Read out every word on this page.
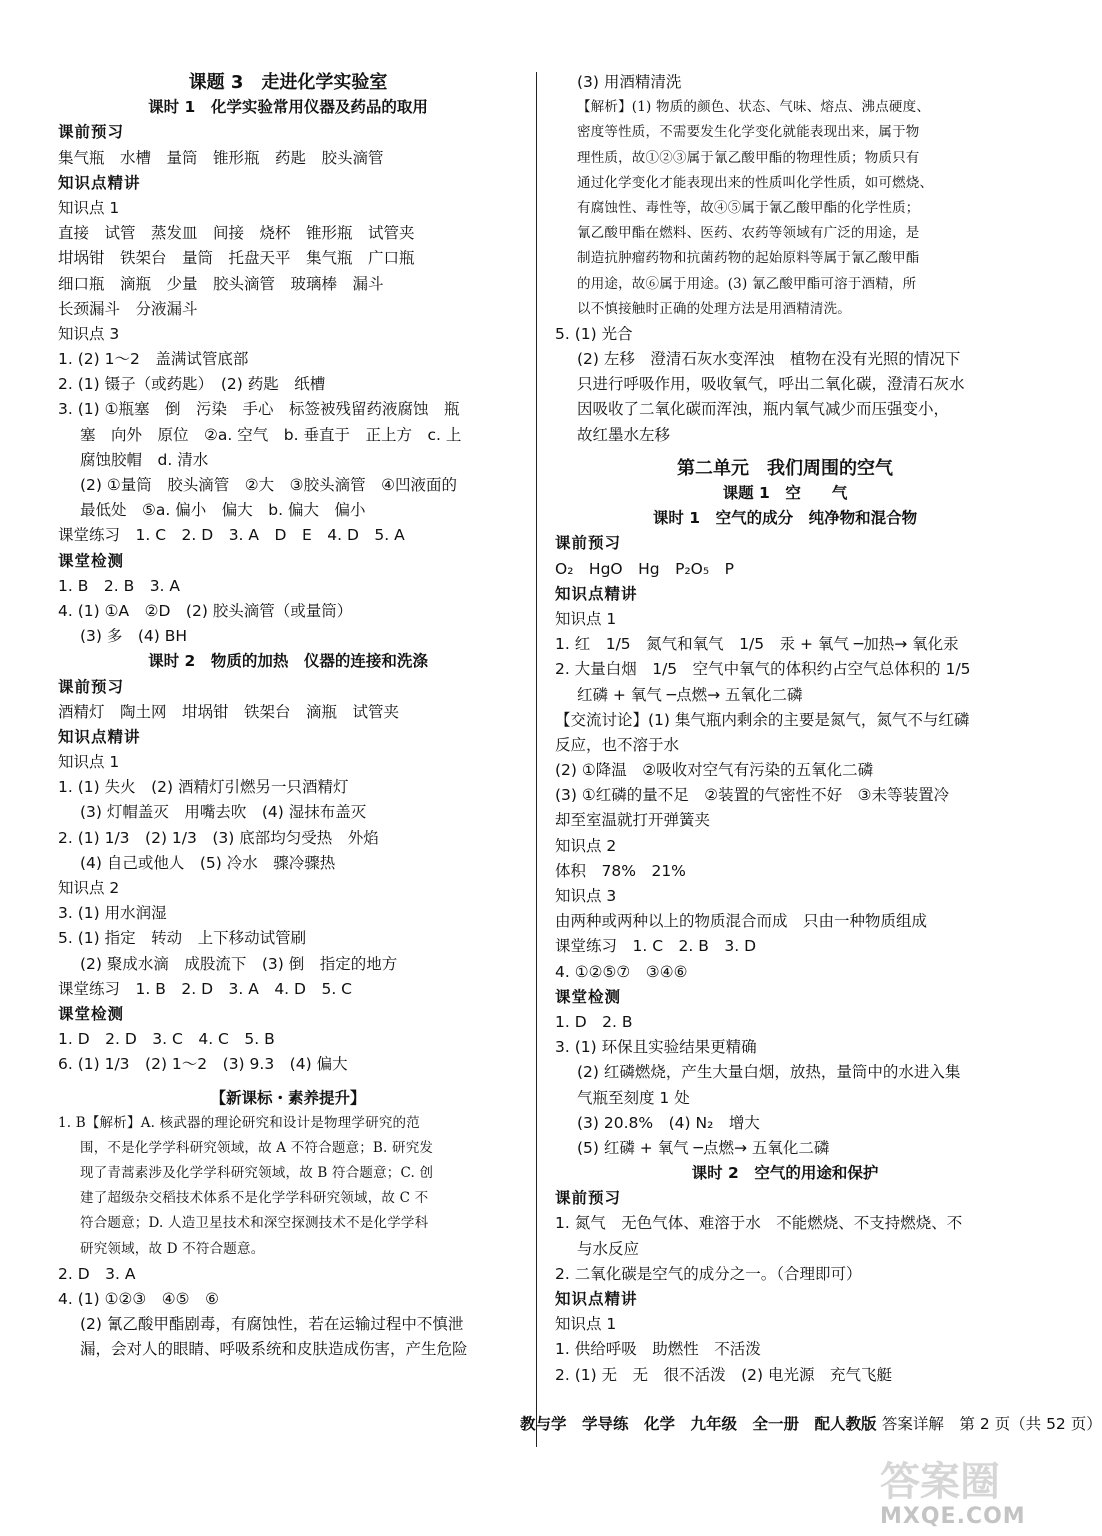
课题 3　走进化学实验室
课时 1　化学实验常用仪器及药品的取用
课前预习
集气瓶　水槽　量筒　锥形瓶　药匙　胶头滴管
知识点精讲
知识点 1
直接　试管　蒸发皿　间接　烧杯　锥形瓶　试管夹
坩埚钳　铁架台　量筒　托盘天平　集气瓶　广口瓶
细口瓶　滴瓶　少量　胶头滴管　玻璃棒　漏斗
长颈漏斗　分液漏斗
知识点 3
1. (2) 1～2　盖满试管底部
2. (1) 镊子（或药匙）　(2) 药匙　纸槽
3. (1) ①瓶塞　倒　污染　手心　标签被残留药液腐蚀　瓶
塞　向外　原位　②a. 空气　b. 垂直于　正上方　c. 上
腐蚀胶帽　d. 清水
(2) ①量筒　胶头滴管　②大　③胶头滴管　④凹液面的
最低处　⑤a. 偏小　偏大　b. 偏大　偏小
课堂练习　1. C　2. D　3. A　D　E　4. D　5. A
课堂检测
1. B　2. B　3. A
4. (1) ①A　②D　(2) 胶头滴管（或量筒）
(3) 多　(4) BH
课时 2　物质的加热　仪器的连接和洗涤
课前预习
酒精灯　陶土网　坩埚钳　铁架台　滴瓶　试管夹
知识点精讲
知识点 1
1. (1) 失火　(2) 酒精灯引燃另一只酒精灯
(3) 灯帽盖灭　用嘴去吹　(4) 湿抹布盖灭
2. (1) 1/3　(2) 1/3　(3) 底部均匀受热　外焰
(4) 自己或他人　(5) 冷水　骤冷骤热
知识点 2
3. (1) 用水润湿
5. (1) 指定　转动　上下移动试管刷
(2) 聚成水滴　成股流下　(3) 倒　指定的地方
课堂练习　1. B　2. D　3. A　4. D　5. C
课堂检测
1. D　2. D　3. C　4. C　5. B
6. (1) 1/3　(2) 1～2　(3) 9.3　(4) 偏大
【新课标・素养提升】
1. B【解析】A. 核武器的理论研究和设计是物理学研究的范
围，不是化学学科研究领域，故 A 不符合题意；B. 研究发
现了青蒿素涉及化学学科研究领域，故 B 符合题意；C. 创
建了超级杂交稻技术体系不是化学学科研究领域，故 C 不
符合题意；D. 人造卫星技术和深空探测技术不是化学学科
研究领域，故 D 不符合题意。
2. D　3. A
4. (1) ①②③　④⑤　⑥
(2) 氰乙酸甲酯剧毒，有腐蚀性，若在运输过程中不慎泄
漏，会对人的眼睛、呼吸系统和皮肤造成伤害，产生危险
(3) 用酒精清洗
【解析】(1) 物质的颜色、状态、气味、熔点、沸点硬度、
密度等性质，不需要发生化学变化就能表现出来，属于物
理性质，故①②③属于氰乙酸甲酯的物理性质；物质只有
通过化学变化才能表现出来的性质叫化学性质，如可燃烧、
有腐蚀性、毒性等，故④⑤属于氰乙酸甲酯的化学性质；
氰乙酸甲酯在燃料、医药、农药等领域有广泛的用途，是
制造抗肿瘤药物和抗菌药物的起始原料等属于氰乙酸甲酯
的用途，故⑥属于用途。(3) 氰乙酸甲酯可溶于酒精，所
以不慎接触时正确的处理方法是用酒精清洗。
5. (1) 光合
(2) 左移　澄清石灰水变浑浊　植物在没有光照的情况下
只进行呼吸作用，吸收氧气，呼出二氧化碳，澄清石灰水
因吸收了二氧化碳而浑浊，瓶内氧气减少而压强变小，
故红墨水左移
第二单元　我们周围的空气
课题 1　空　　气
课时 1　空气的成分　纯净物和混合物
课前预习
O₂　HgO　Hg　P₂O₅　P
知识点精讲
知识点 1
1. 红　1/5　氮气和氧气　1/5　汞 + 氧气 ─加热→ 氧化汞
2. 大量白烟　1/5　空气中氧气的体积约占空气总体积的 1/5
红磷 + 氧气 ─点燃→ 五氧化二磷
【交流讨论】(1) 集气瓶内剩余的主要是氮气，氮气不与红磷
反应，也不溶于水
(2) ①降温　②吸收对空气有污染的五氧化二磷
(3) ①红磷的量不足　②装置的气密性不好　③未等装置冷
却至室温就打开弹簧夹
知识点 2
体积　78%　21%
知识点 3
由两种或两种以上的物质混合而成　只由一种物质组成
课堂练习　1. C　2. B　3. D
4. ①②⑤⑦　③④⑥
课堂检测
1. D　2. B
3. (1) 环保且实验结果更精确
(2) 红磷燃烧，产生大量白烟，放热，量筒中的水进入集
气瓶至刻度 1 处
(3) 20.8%　(4) N₂　增大
(5) 红磷 + 氧气 ─点燃→ 五氧化二磷
课时 2　空气的用途和保护
课前预习
1. 氮气　无色气体、难溶于水　不能燃烧、不支持燃烧、不
与水反应
2. 二氧化碳是空气的成分之一。（合理即可）
知识点精讲
知识点 1
1. 供给呼吸　助燃性　不活泼
2. (1) 无　无　很不活泼　(2) 电光源　充气飞艇
教与学　学导练　化学　九年级　全一册　配人教版 答案详解　第 2 页（共 52 页）
答案圈
MXQE.COM
